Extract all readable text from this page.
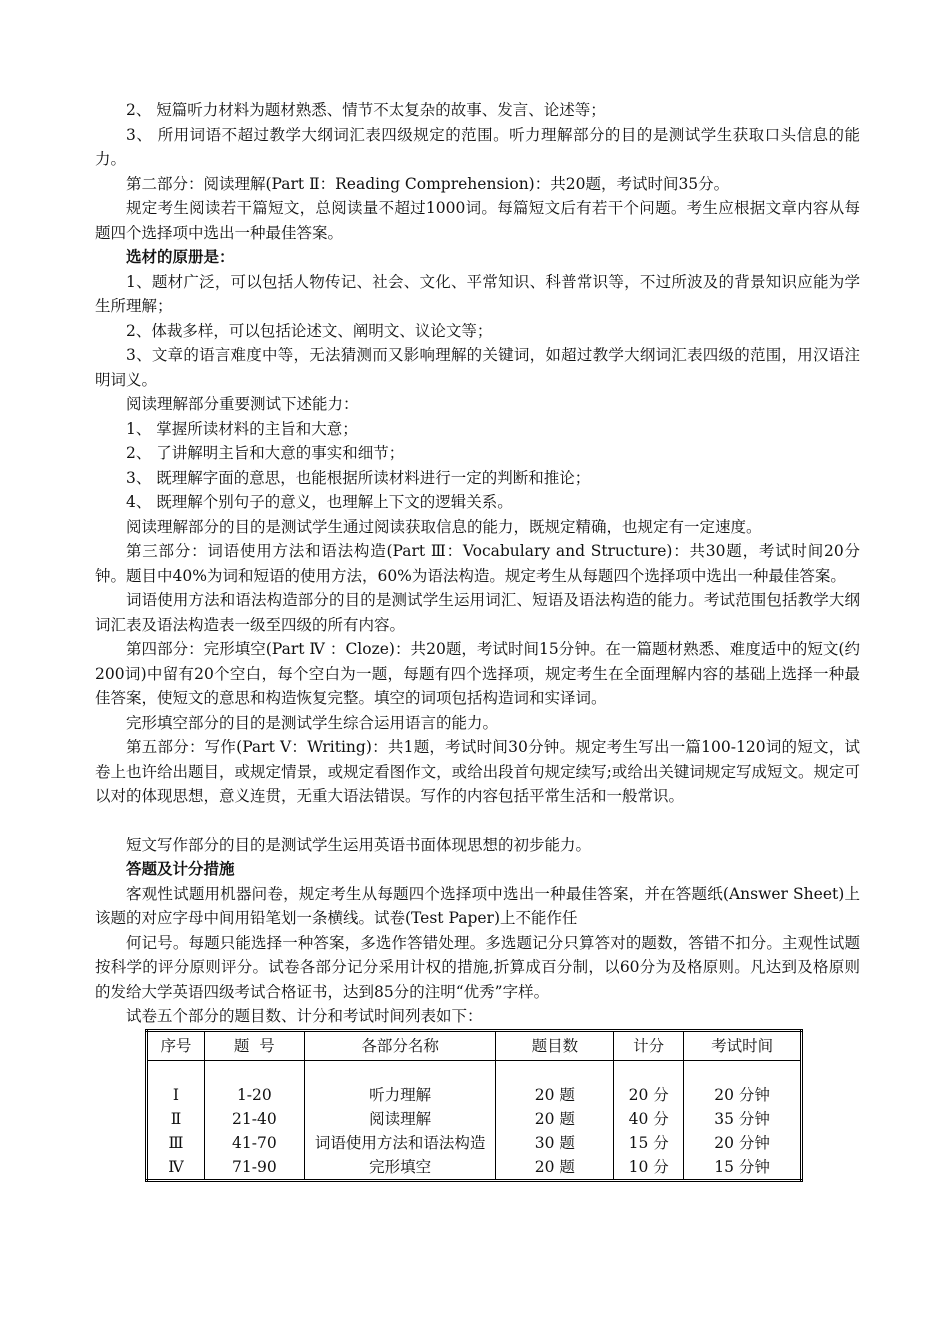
2、 短篇听力材料为题材熟悉、情节不太复杂的故事、发言、论述等；

3、 所用词语不超过教学大纲词汇表四级规定的范围。听力理解部分的目的是测试学生获取口头信息的能力。

第二部分：阅读理解(Part Ⅱ：Reading Comprehension)：共20题，考试时间35分。

规定考生阅读若干篇短文，总阅读量不超过1000词。每篇短文后有若干个问题。考生应根据文章内容从每题四个选择项中选出一种最佳答案。

选材的原册是：

1、题材广泛，可以包括人物传记、社会、文化、平常知识、科普常识等，不过所波及的背景知识应能为学生所理解；

2、体裁多样，可以包括论述文、阐明文、议论文等；

3、文章的语言难度中等，无法猜测而又影响理解的关键词，如超过教学大纲词汇表四级的范围，用汉语注明词义。

阅读理解部分重要测试下述能力：

1、 掌握所读材料的主旨和大意；

2、 了讲解明主旨和大意的事实和细节；

3、 既理解字面的意思，也能根据所读材料进行一定的判断和推论；

4、 既理解个别句子的意义，也理解上下文的逻辑关系。

阅读理解部分的目的是测试学生通过阅读获取信息的能力，既规定精确，也规定有一定速度。

第三部分：词语使用方法和语法构造(Part Ⅲ：Vocabulary and Structure)：共30题，考试时间20分钟。题目中40%为词和短语的使用方法，60%为语法构造。规定考生从每题四个选择项中选出一种最佳答案。

词语使用方法和语法构造部分的目的是测试学生运用词汇、短语及语法构造的能力。考试范围包括教学大纲词汇表及语法构造表一级至四级的所有内容。

第四部分：完形填空(Part Ⅳ ：Cloze)：共20题，考试时间15分钟。在一篇题材熟悉、难度适中的短文(约200词)中留有20个空白，每个空白为一题，每题有四个选择项，规定考生在全面理解内容的基础上选择一种最佳答案，使短文的意思和构造恢复完整。填空的词项包括构造词和实译词。

完形填空部分的目的是测试学生综合运用语言的能力。

第五部分：写作(Part Ⅴ：Writing)：共1题，考试时间30分钟。规定考生写出一篇100-120词的短文，试卷上也许给出题目，或规定情景，或规定看图作文，或给出段首句规定续写;或给出关键词规定写成短文。规定可以对的体现思想，意义连贯，无重大语法错误。写作的内容包括平常生活和一般常识。

短文写作部分的目的是测试学生运用英语书面体现思想的初步能力。

答题及计分措施

客观性试题用机器问卷，规定考生从每题四个选择项中选出一种最佳答案，并在答题纸(Answer Sheet)上该题的对应字母中间用铅笔划一条横线。试卷(Test Paper)上不能作任

何记号。每题只能选择一种答案，多选作答错处理。多选题记分只算答对的题数，答错不扣分。主观性试题按科学的评分原则评分。试卷各部分记分采用计权的措施,折算成百分制，以60分为及格原则。凡达到及格原则的发给大学英语四级考试合格证书，达到85分的注明“优秀”字样。

试卷五个部分的题目数、计分和考试时间列表如下：

序号	题  号	各部分名称	题目数	计分	考试时间

Ⅰ	1-20	听力理解	20 题	20 分	20 分钟
Ⅱ	21-40	阅读理解	20 题	40 分	35 分钟
Ⅲ	41-70	词语使用方法和语法构造	30 题	15 分	20 分钟
Ⅳ	71-90	完形填空	20 题	10 分	15 分钟
